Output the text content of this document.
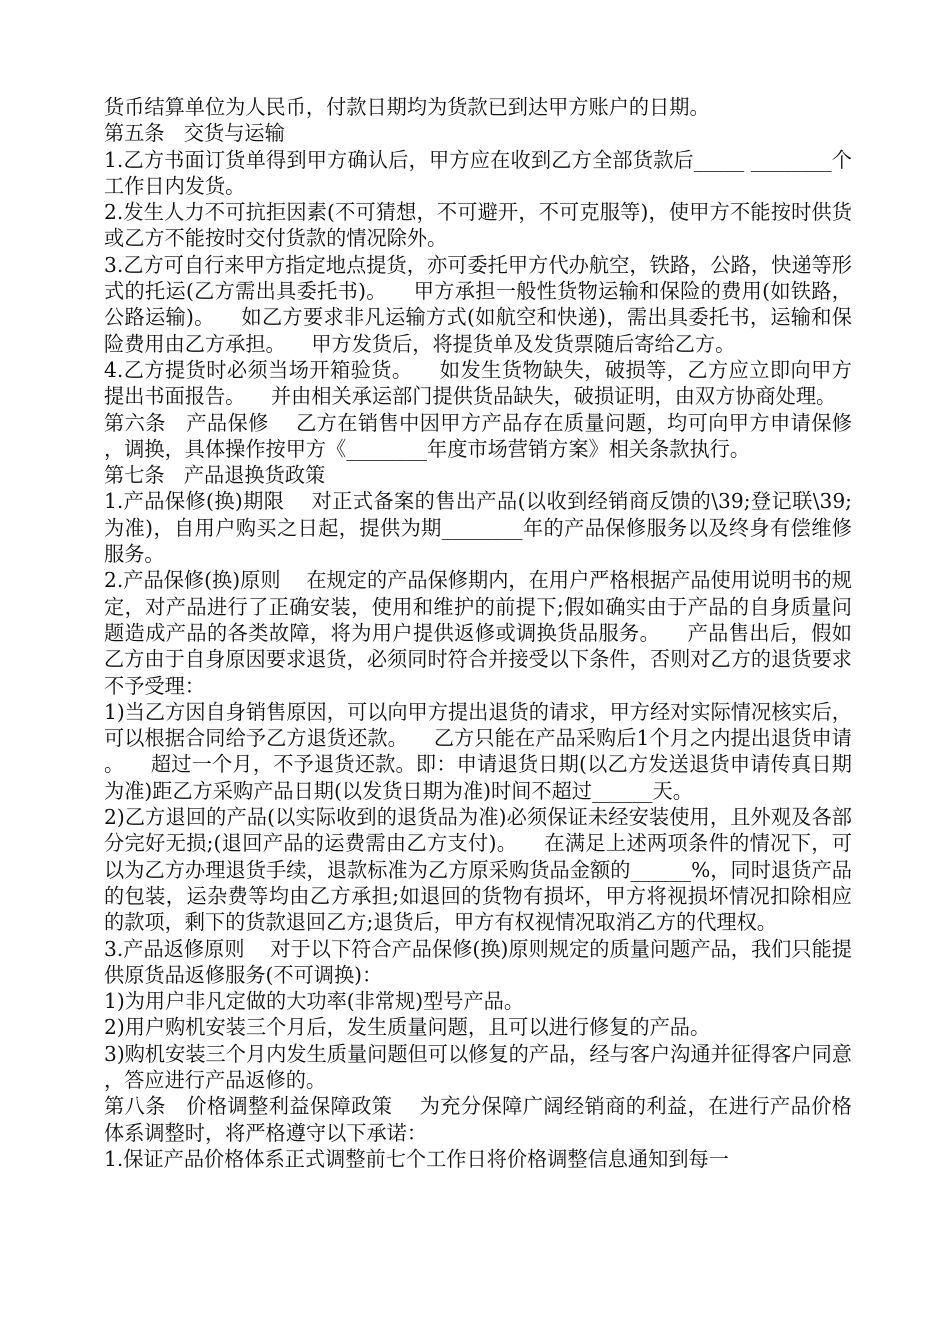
货币结算单位为人民币，付款日期均为货款已到达甲方账户的日期。

第五条   交货与运输

1.乙方书面订货单得到甲方确认后，甲方应在收到乙方全部货款后_____ ________个工作日内发货。

2.发生人力不可抗拒因素(不可猜想，不可避开，不可克服等)，使甲方不能按时供货或乙方不能按时交付货款的情况除外。

3.乙方可自行来甲方指定地点提货，亦可委托甲方代办航空，铁路，公路，快递等形式的托运(乙方需出具委托书)。    甲方承担一般性货物运输和保险的费用(如铁路，公路运输)。    如乙方要求非凡运输方式(如航空和快递)，需出具委托书，运输和保险费用由乙方承担。    甲方发货后，将提货单及发货票随后寄给乙方。

4.乙方提货时必须当场开箱验货。    如发生货物缺失，破损等，乙方应立即向甲方提出书面报告。    并由相关承运部门提供货品缺失，破损证明，由双方协商处理。

第六条   产品保修    乙方在销售中因甲方产品存在质量问题，均可向甲方申请保修，调换，具体操作按甲方《________年度市场营销方案》相关条款执行。

第七条   产品退换货政策

1.产品保修(换)期限    对正式备案的售出产品(以收到经销商反馈的\39;登记联\39;为准)，自用户购买之日起，提供为期________年的产品保修服务以及终身有偿维修服务。

2.产品保修(换)原则    在规定的产品保修期内，在用户严格根据产品使用说明书的规定，对产品进行了正确安装，使用和维护的前提下;假如确实由于产品的自身质量问题造成产品的各类故障，将为用户提供返修或调换货品服务。    产品售出后，假如乙方由于自身原因要求退货，必须同时符合并接受以下条件，否则对乙方的退货要求不予受理：

1)当乙方因自身销售原因，可以向甲方提出退货的请求，甲方经对实际情况核实后，可以根据合同给予乙方退货还款。    乙方只能在产品采购后1个月之内提出退货申请。    超过一个月，不予退货还款。即：申请退货日期(以乙方发送退货申请传真日期为准)距乙方采购产品日期(以发货日期为准)时间不超过______天。

2)乙方退回的产品(以实际收到的退货品为准)必须保证未经安装使用，且外观及各部分完好无损;(退回产品的运费需由乙方支付)。    在满足上述两项条件的情况下，可以为乙方办理退货手续，退款标准为乙方原采购货品金额的______%，同时退货产品的包装，运杂费等均由乙方承担;如退回的货物有损坏，甲方将视损坏情况扣除相应的款项，剩下的货款退回乙方;退货后，甲方有权视情况取消乙方的代理权。

3.产品返修原则    对于以下符合产品保修(换)原则规定的质量问题产品，我们只能提供原货品返修服务(不可调换)：

1)为用户非凡定做的大功率(非常规)型号产品。

2)用户购机安装三个月后，发生质量问题，且可以进行修复的产品。

3)购机安装三个月内发生质量问题但可以修复的产品，经与客户沟通并征得客户同意，答应进行产品返修的。

第八条   价格调整利益保障政策    为充分保障广阔经销商的利益，在进行产品价格体系调整时，将严格遵守以下承诺：

1.保证产品价格体系正式调整前七个工作日将价格调整信息通知到每一
